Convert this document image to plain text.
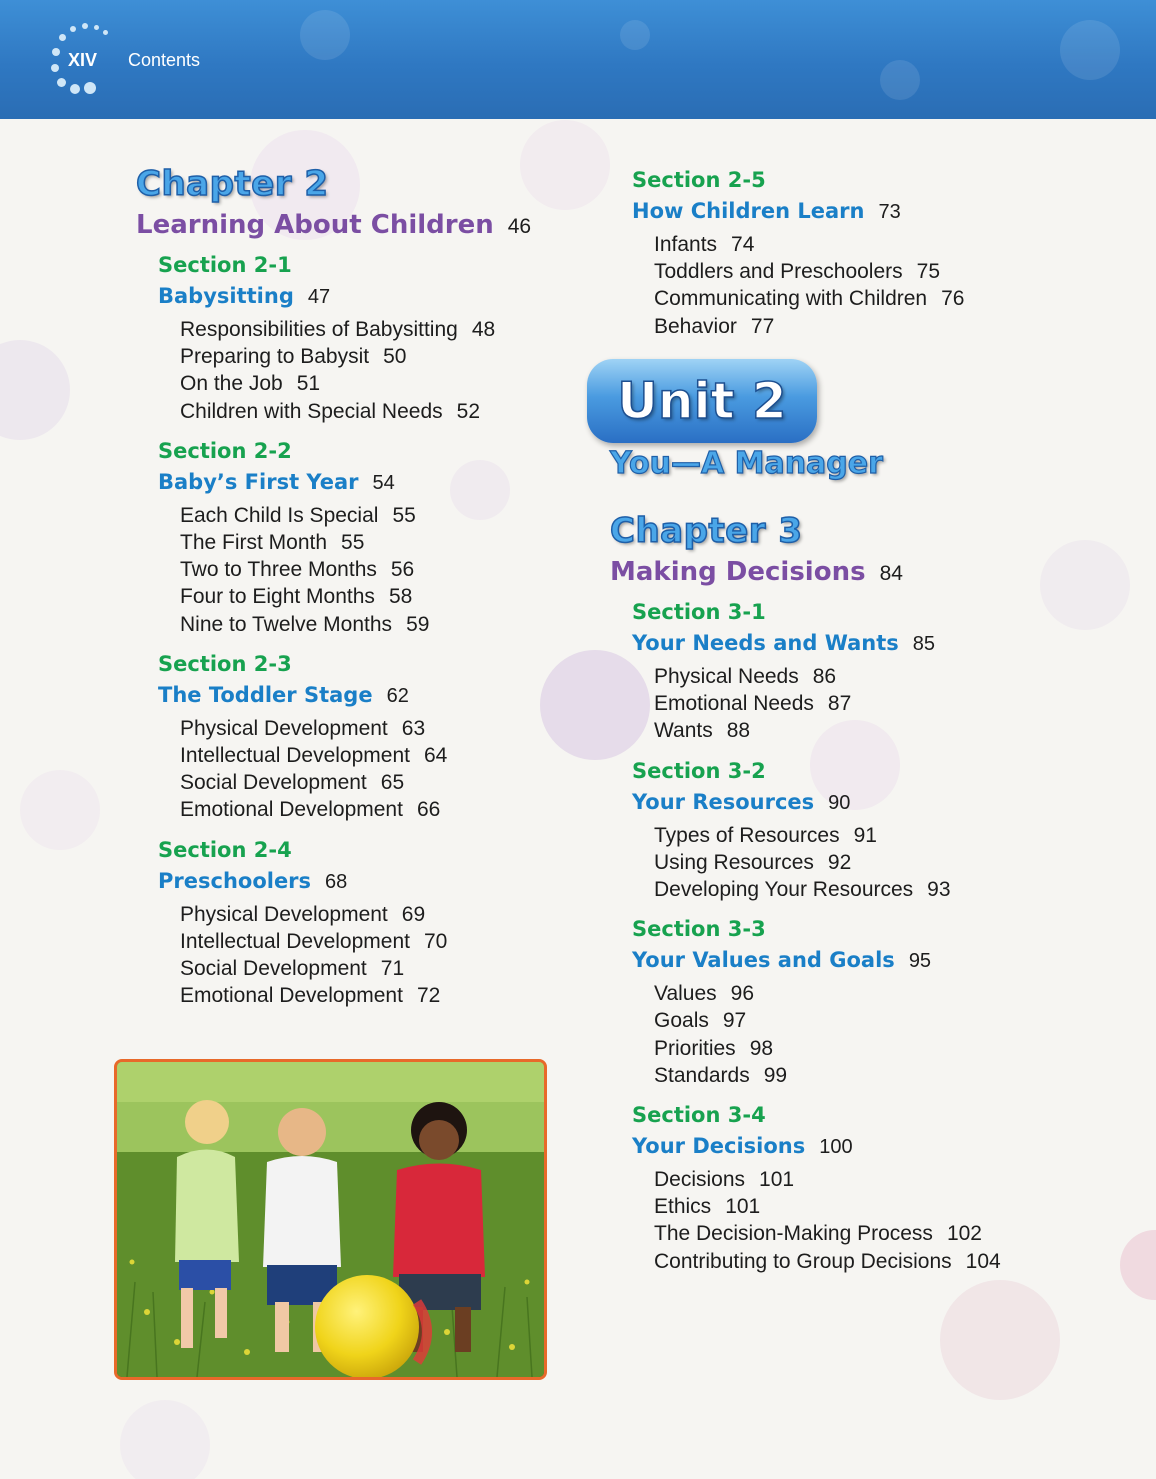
XIV Contents
Chapter 2
Learning About Children 46
Section 2-1
Babysitting 47
Responsibilities of Babysitting 48
Preparing to Babysit 50
On the Job 51
Children with Special Needs 52
Section 2-2
Baby’s First Year 54
Each Child Is Special 55
The First Month 55
Two to Three Months 56
Four to Eight Months 58
Nine to Twelve Months 59
Section 2-3
The Toddler Stage 62
Physical Development 63
Intellectual Development 64
Social Development 65
Emotional Development 66
Section 2-4
Preschoolers 68
Physical Development 69
Intellectual Development 70
Social Development 71
Emotional Development 72
Section 2-5
How Children Learn 73
Infants 74
Toddlers and Preschoolers 75
Communicating with Children 76
Behavior 77
Unit 2
You—A Manager
Chapter 3
Making Decisions 84
Section 3-1
Your Needs and Wants 85
Physical Needs 86
Emotional Needs 87
Wants 88
Section 3-2
Your Resources 90
Types of Resources 91
Using Resources 92
Developing Your Resources 93
Section 3-3
Your Values and Goals 95
Values 96
Goals 97
Priorities 98
Standards 99
Section 3-4
Your Decisions 100
Decisions 101
Ethics 101
The Decision-Making Process 102
Contributing to Group Decisions 104
